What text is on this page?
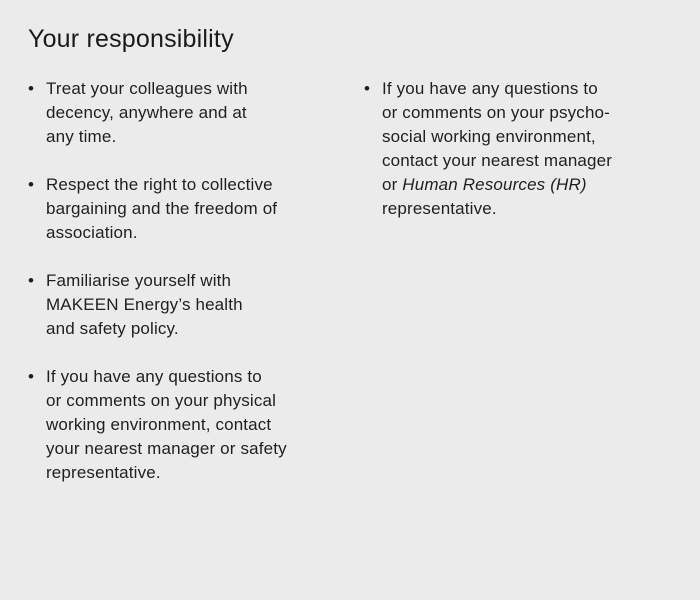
Your responsibility
• Treat your colleagues with
decency, anywhere and at
any time.
• Respect the right to collective
bargaining and the freedom of
association.
• Familiarise yourself with
MAKEEN Energy’s health
and safety policy.
• If you have any questions to
or comments on your physical
working environment, contact
your nearest manager or safety
representative.
• If you have any questions to
or comments on your psycho-
social working environment,
contact your nearest manager
or Human Resources (HR)
representative.
